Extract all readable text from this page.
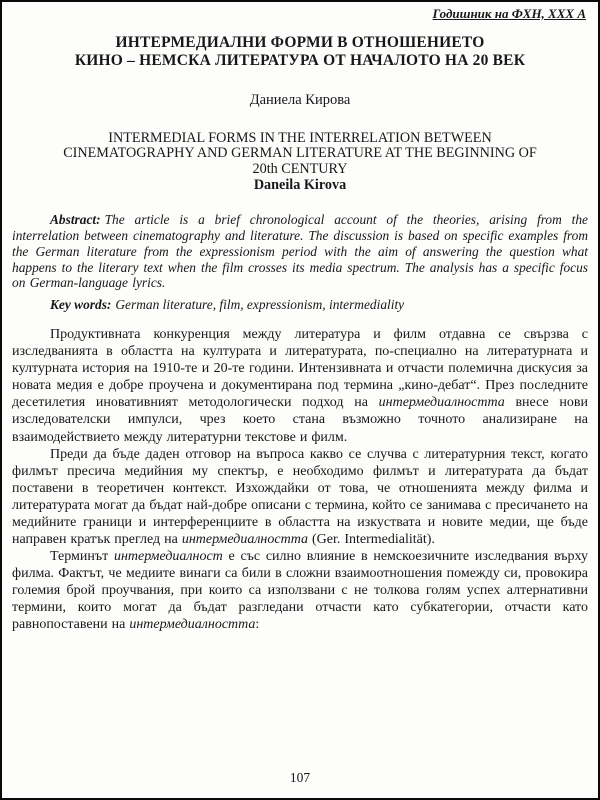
Годишник на ФХН, XXX А
ИНТЕРМЕДИАЛНИ ФОРМИ В ОТНОШЕНИЕТО
КИНО – НЕМСКА ЛИТЕРАТУРА ОТ НАЧАЛОТО НА 20 ВЕК
Даниела Кирова
INTERMEDIAL FORMS IN THE INTERRELATION BETWEEN
CINEMATOGRAPHY AND GERMAN LITERATURE AT THE BEGINNING OF
20th CENTURY
Daneila Kirova

Abstract: The article is a brief chronological account of the theories, arising from the interrelation between cinematography and literature. The discussion is based on specific examples from the German literature from the expressionism period with the aim of answering the question what happens to the literary text when the film crosses its media spectrum. The analysis has a specific focus on German-language lyrics.

Key words: German literature, film, expressionism, intermediality

Продуктивната конкуренция между литература и филм отдавна се свързва с изследванията в областта на културата и литературата, по-специално на литературната и културната история на 1910-те и 20-те години. Интензивната и отчасти полемична дискусия за новата медия е добре проучена и документирана под термина „кино-дебат“. През последните десетилетия иновативният методологически подход на интермедиалността внесе нови изследователски импулси, чрез което стана възможно точното анализиране на взаимодействието между литературни текстове и филм.

Преди да бъде даден отговор на въпроса какво се случва с литературния текст, когато филмът пресича медийния му спектър, е необходимо филмът и литературата да бъдат поставени в теоретичен контекст. Изхождайки от това, че отношенията между филма и литературата могат да бъдат най-добре описани с термина, който се занимава с пресичането на медийните граници и интерференциите в областта на изкуствата и новите медии, ще бъде направен кратък преглед на интермедиалността (Ger. Intermedialität).

Терминът интермедиалност е със силно влияние в немскоезичните изследвания върху филма. Фактът, че медиите винаги са били в сложни взаимоотношения помежду си, провокира големия брой проучвания, при които са използвани с не толкова голям успех алтернативни термини, които могат да бъдат разгледани отчасти като субкатегории, отчасти като равнопоставени на интермедиалността:

107
